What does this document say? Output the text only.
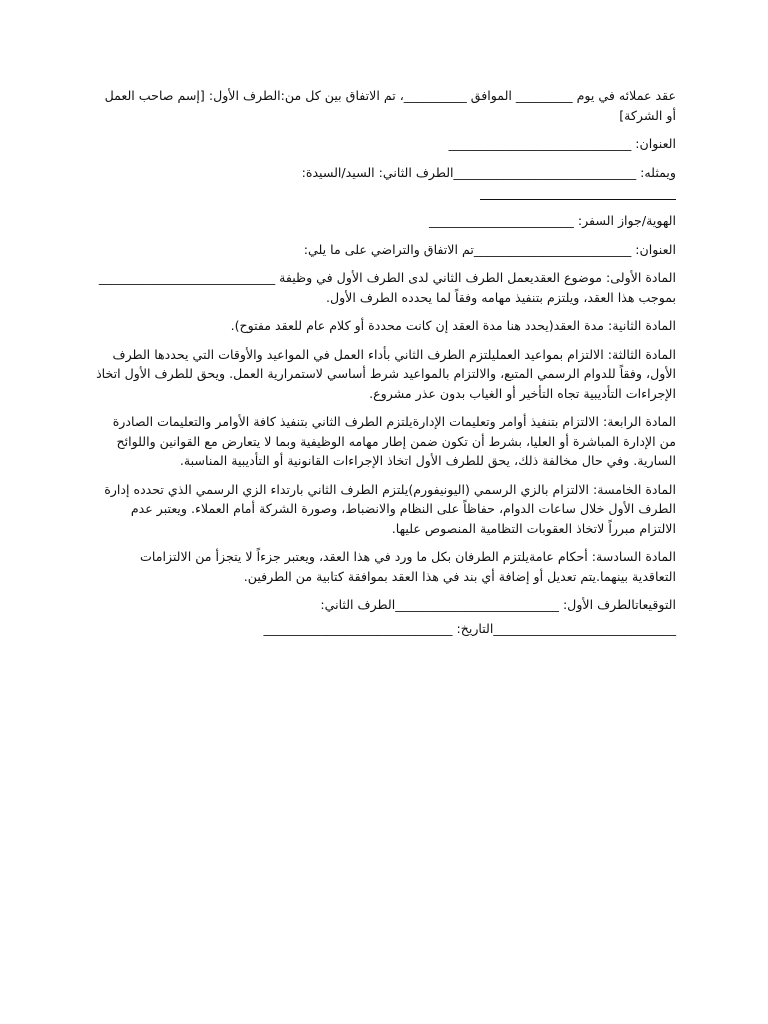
عقد عملائه في يوم _________ الموافق __________، تم الاتفاق بين كل من:الطرف الأول: [إسم صاحب العمل أو الشركة]

العنوان: _____________________________

ويمثله: _____________________________الطرف الثاني: السيد/السيدة:

الهوية/جواز السفر: _______________________

العنوان: _________________________تم الاتفاق والتراضي على ما يلي:

المادة الأولى: موضوع العقديعمل الطرف الثاني لدى الطرف الأول في وظيفة ____________________________ بموجب هذا العقد، ويلتزم بتنفيذ مهامه وفقاً لما يحدده الطرف الأول.

المادة الثانية: مدة العقد(يحدد هنا مدة العقد إن كانت محددة أو كلام عام للعقد مفتوح).

المادة الثالثة: الالتزام بمواعيد العمليلتزم الطرف الثاني بأداء العمل في المواعيد والأوقات التي يحددها الطرف الأول، وفقاً للدوام الرسمي المتبع، والالتزام بالمواعيد شرط أساسي لاستمرارية العمل. ويحق للطرف الأول اتخاذ الإجراءات التأديبية تجاه التأخير أو الغياب بدون عذر مشروع.

المادة الرابعة: الالتزام بتنفيذ أوامر وتعليمات الإدارةيلتزم الطرف الثاني بتنفيذ كافة الأوامر والتعليمات الصادرة من الإدارة المباشرة أو العليا، بشرط أن تكون ضمن إطار مهامه الوظيفية وبما لا يتعارض مع القوانين واللوائح السارية. وفي حال مخالفة ذلك، يحق للطرف الأول اتخاذ الإجراءات القانونية أو التأديبية المناسبة.

المادة الخامسة: الالتزام بالزي الرسمي (اليونيفورم)يلتزم الطرف الثاني بارتداء الزي الرسمي الذي تحدده إدارة الطرف الأول خلال ساعات الدوام، حفاظاً على النظام والانضباط، وصورة الشركة أمام العملاء. ويعتبر عدم الالتزام مبرراً لاتخاذ العقوبات التظامية المنصوص عليها.

المادة السادسة: أحكام عامةيلتزم الطرفان بكل ما ورد في هذا العقد، ويعتبر جزءاً لا يتجزأ من الالتزامات التعاقدية بينهما.يتم تعديل أو إضافة أي بند في هذا العقد بموافقة كتابية من الطرفين.

التوقيعاتالطرف الأول: __________________________الطرف الثاني:

_____________________________التاريخ: ______________________________
